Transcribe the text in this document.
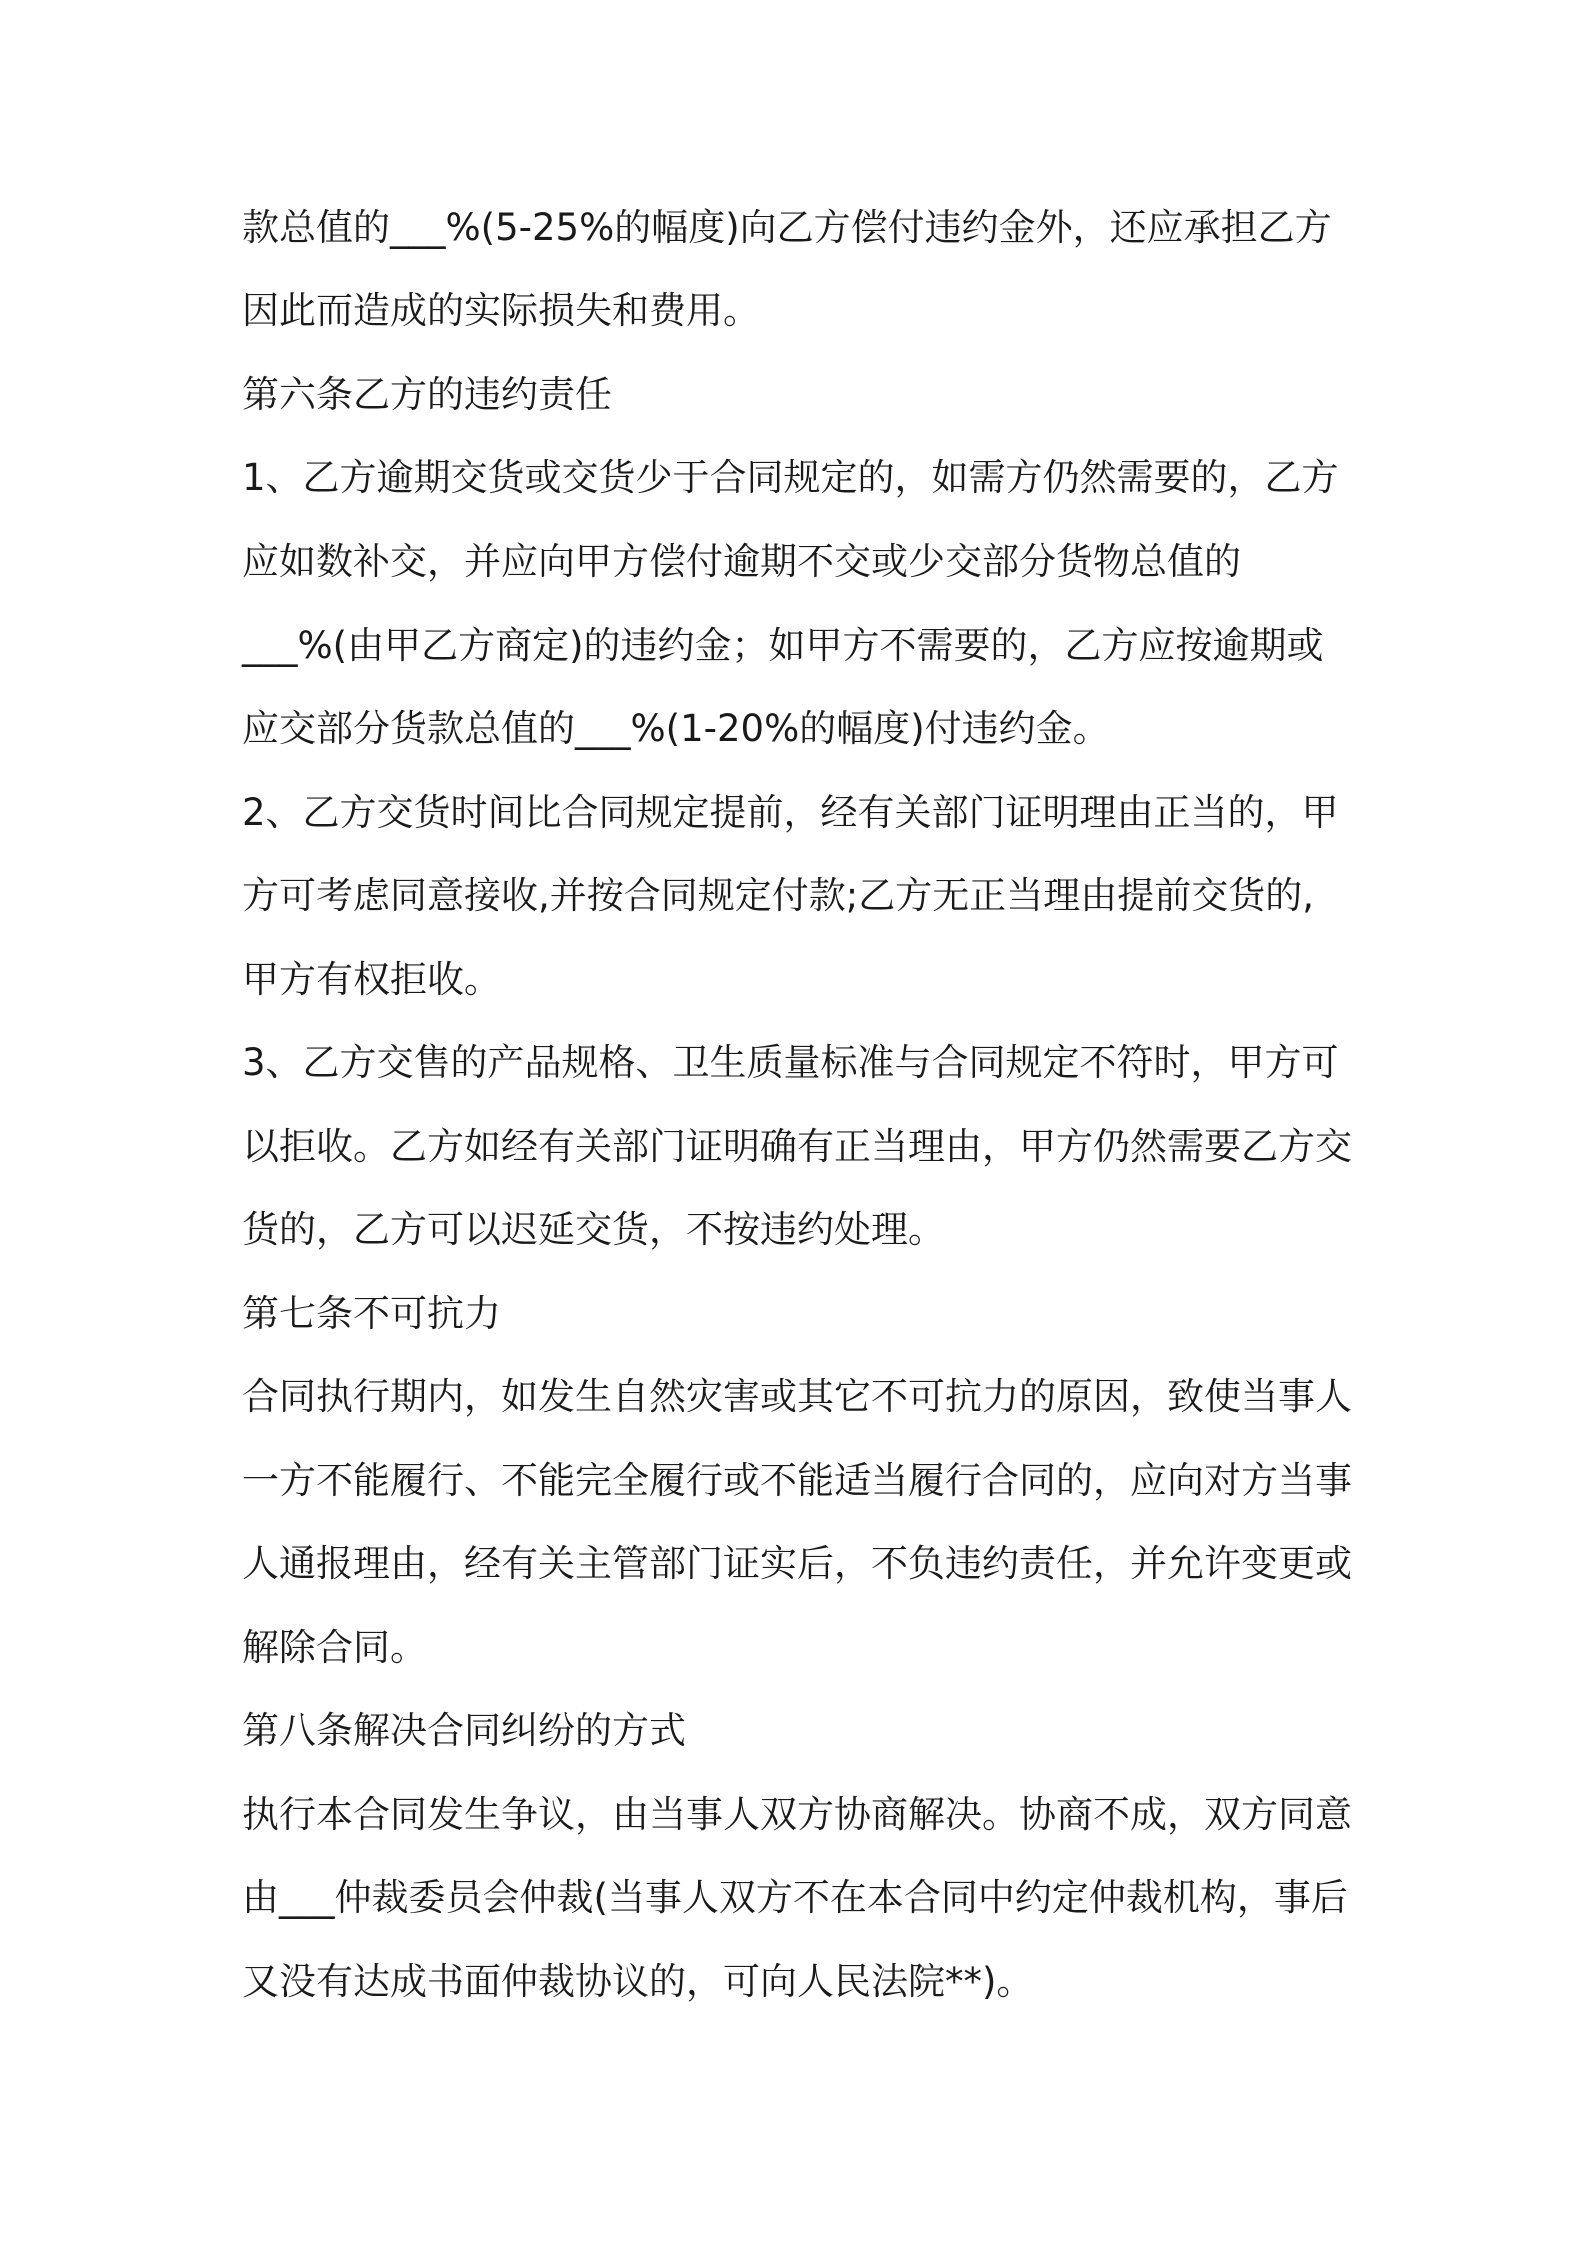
款总值的___%(5-25%的幅度)向乙方偿付违约金外，还应承担乙方
因此而造成的实际损失和费用。
第六条乙方的违约责任
1、乙方逾期交货或交货少于合同规定的，如需方仍然需要的，乙方
应如数补交，并应向甲方偿付逾期不交或少交部分货物总值的
___%(由甲乙方商定)的违约金；如甲方不需要的，乙方应按逾期或
应交部分货款总值的___%(1-20%的幅度)付违约金。
2、乙方交货时间比合同规定提前，经有关部门证明理由正当的，甲
方可考虑同意接收,并按合同规定付款;乙方无正当理由提前交货的,
甲方有权拒收。
3、乙方交售的产品规格、卫生质量标准与合同规定不符时，甲方可
以拒收。乙方如经有关部门证明确有正当理由，甲方仍然需要乙方交
货的，乙方可以迟延交货，不按违约处理。
第七条不可抗力
合同执行期内，如发生自然灾害或其它不可抗力的原因，致使当事人
一方不能履行、不能完全履行或不能适当履行合同的，应向对方当事
人通报理由，经有关主管部门证实后，不负违约责任，并允许变更或
解除合同。
第八条解决合同纠纷的方式
执行本合同发生争议，由当事人双方协商解决。协商不成，双方同意
由___仲裁委员会仲裁(当事人双方不在本合同中约定仲裁机构，事后
又没有达成书面仲裁协议的，可向人民法院**)。
